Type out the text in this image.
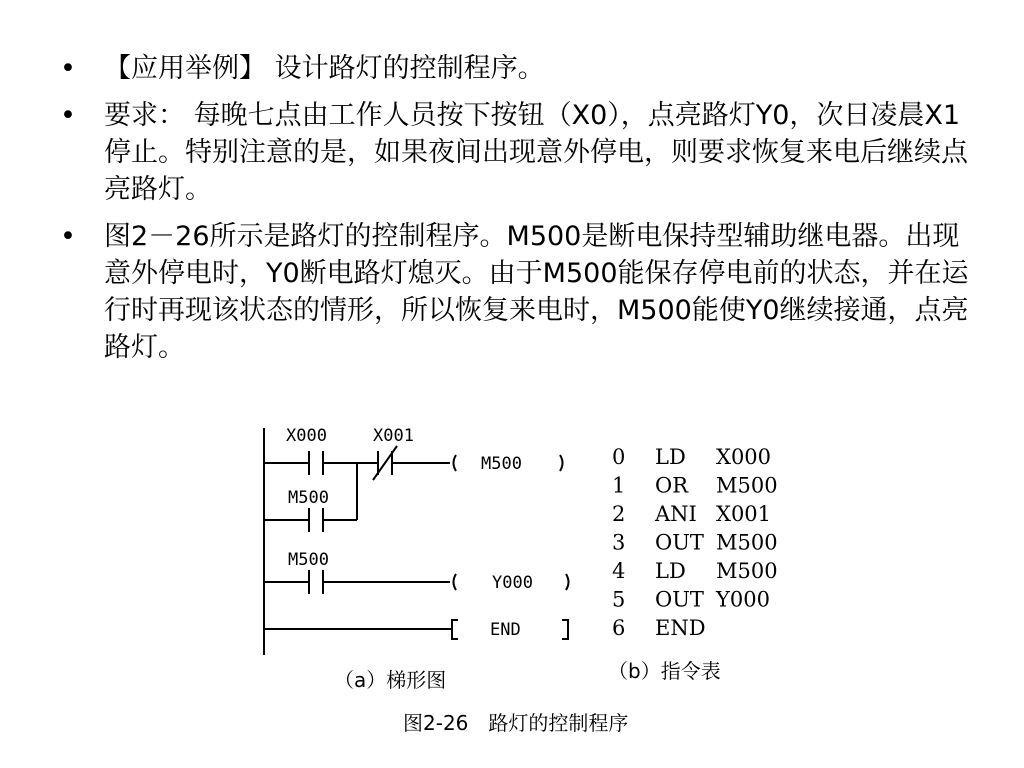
• 【应用举例】 设计路灯的控制程序。
• 要求： 每晚七点由工作人员按下按钮（X0），点亮路灯Y0，次日凌晨X1停止。特别注意的是，如果夜间出现意外停电，则要求恢复来电后继续点亮路灯。
• 图2－26所示是路灯的控制程序。M500是断电保持型辅助继电器。出现意外停电时，Y0断电路灯熄灭。由于M500能保存停电前的状态，并在运行时再现该状态的情形，所以恢复来电时，M500能使Y0继续接通，点亮路灯。
X000	X001
M500
M500
M500
Y000
END
0 LD X000
1 OR M500
2 ANI X001
3 OUT M500
4 LD M500
5 OUT Y000
6 END
（a）梯形图	（b）指令表
图2-26　路灯的控制程序
